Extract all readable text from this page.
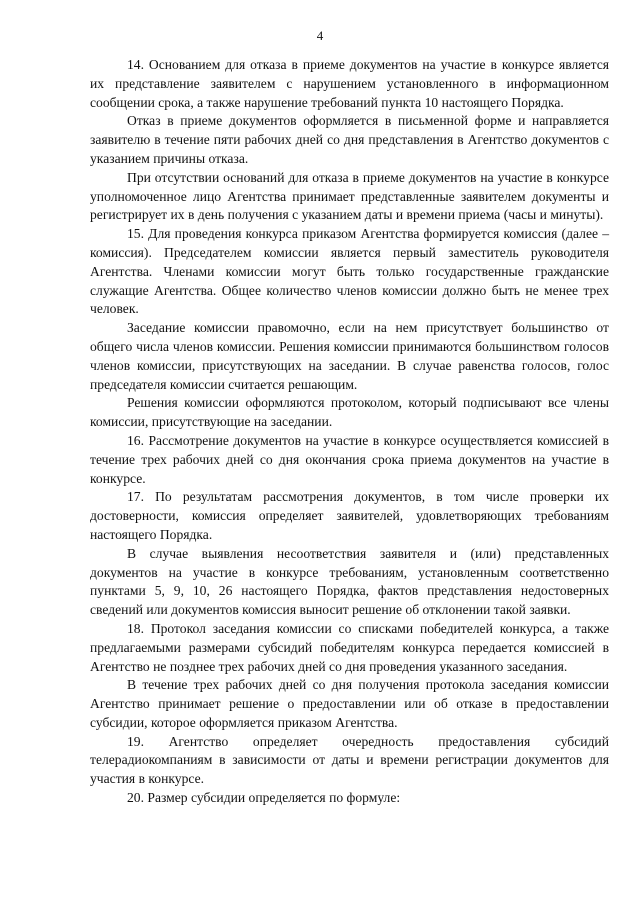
4

14. Основанием для отказа в приеме документов на участие в конкурсе является их представление заявителем с нарушением установленного в информационном сообщении срока, а также нарушение требований пункта 10 настоящего Порядка.

Отказ в приеме документов оформляется в письменной форме и направляется заявителю в течение пяти рабочих дней со дня представления в Агентство документов с указанием причины отказа.

При отсутствии оснований для отказа в приеме документов на участие в конкурсе уполномоченное лицо Агентства принимает представленные заявителем документы и регистрирует их в день получения с указанием даты и времени приема (часы и минуты).

15. Для проведения конкурса приказом Агентства формируется комиссия (далее – комиссия). Председателем комиссии является первый заместитель руководителя Агентства. Членами комиссии могут быть только государственные гражданские служащие Агентства. Общее количество членов комиссии должно быть не менее трех человек.

Заседание комиссии правомочно, если на нем присутствует большинство от общего числа членов комиссии. Решения комиссии принимаются большинством голосов членов комиссии, присутствующих на заседании. В случае равенства голосов, голос председателя комиссии считается решающим.

Решения комиссии оформляются протоколом, который подписывают все члены комиссии, присутствующие на заседании.

16. Рассмотрение документов на участие в конкурсе осуществляется комиссией в течение трех рабочих дней со дня окончания срока приема документов на участие в конкурсе.

17. По результатам рассмотрения документов, в том числе проверки их достоверности, комиссия определяет заявителей, удовлетворяющих требованиям настоящего Порядка.

В случае выявления несоответствия заявителя и (или) представленных документов на участие в конкурсе требованиям, установленным соответственно пунктами 5, 9, 10, 26 настоящего Порядка, фактов представления недостоверных сведений или документов комиссия выносит решение об отклонении такой заявки.

18. Протокол заседания комиссии со списками победителей конкурса, а также предлагаемыми размерами субсидий победителям конкурса передается комиссией в Агентство не позднее трех рабочих дней со дня проведения указанного заседания.

В течение трех рабочих дней со дня получения протокола заседания комиссии Агентство принимает решение о предоставлении или об отказе в предоставлении субсидии, которое оформляется приказом Агентства.

19. Агентство определяет очередность предоставления субсидий телерадиокомпаниям в зависимости от даты и времени регистрации документов для участия в конкурсе.

20. Размер субсидии определяется по формуле:
